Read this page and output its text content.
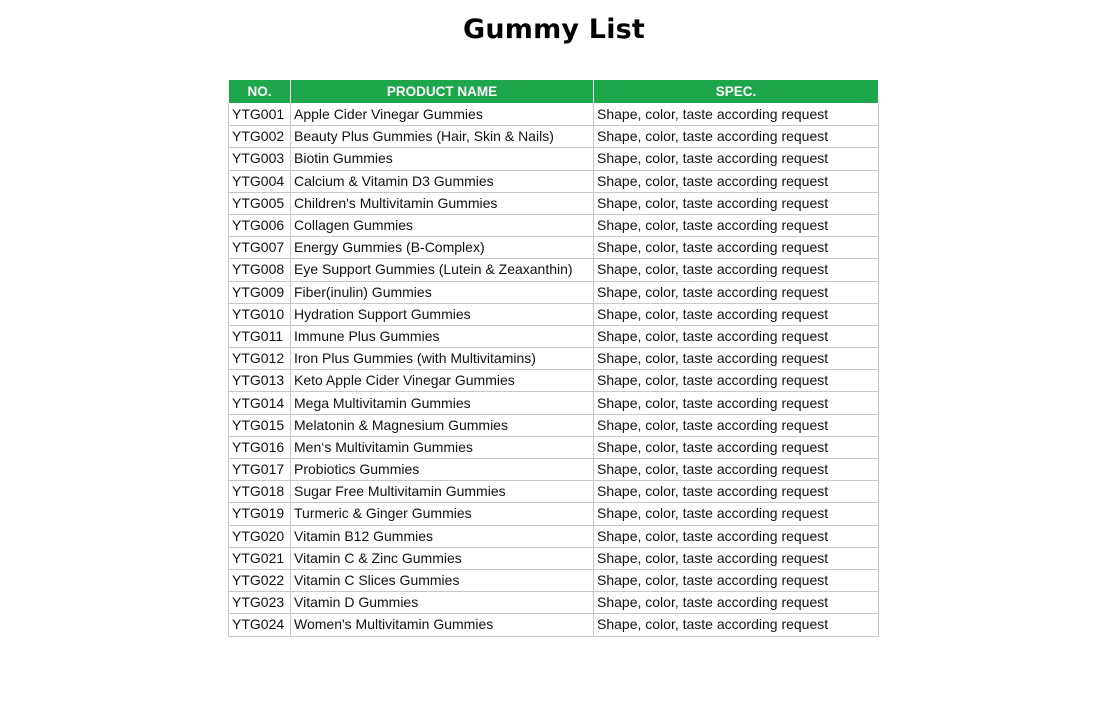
Gummy List
NO.	PRODUCT NAME	SPEC.
YTG001	Apple Cider Vinegar Gummies	Shape, color, taste according request
YTG002	Beauty Plus Gummies (Hair, Skin & Nails)	Shape, color, taste according request
YTG003	Biotin Gummies	Shape, color, taste according request
YTG004	Calcium & Vitamin D3 Gummies	Shape, color, taste according request
YTG005	Children's Multivitamin Gummies	Shape, color, taste according request
YTG006	Collagen Gummies	Shape, color, taste according request
YTG007	Energy Gummies (B-Complex)	Shape, color, taste according request
YTG008	Eye Support Gummies (Lutein & Zeaxanthin)	Shape, color, taste according request
YTG009	Fiber(inulin) Gummies	Shape, color, taste according request
YTG010	Hydration Support Gummies	Shape, color, taste according request
YTG011	Immune Plus Gummies	Shape, color, taste according request
YTG012	Iron Plus Gummies (with Multivitamins)	Shape, color, taste according request
YTG013	Keto Apple Cider Vinegar Gummies	Shape, color, taste according request
YTG014	Mega Multivitamin Gummies	Shape, color, taste according request
YTG015	Melatonin & Magnesium Gummies	Shape, color, taste according request
YTG016	Men‘s Multivitamin Gummies	Shape, color, taste according request
YTG017	Probiotics Gummies	Shape, color, taste according request
YTG018	Sugar Free Multivitamin Gummies	Shape, color, taste according request
YTG019	Turmeric & Ginger Gummies	Shape, color, taste according request
YTG020	Vitamin B12 Gummies	Shape, color, taste according request
YTG021	Vitamin C & Zinc Gummies	Shape, color, taste according request
YTG022	Vitamin C Slices Gummies	Shape, color, taste according request
YTG023	Vitamin D Gummies	Shape, color, taste according request
YTG024	Women's Multivitamin Gummies	Shape, color, taste according request
